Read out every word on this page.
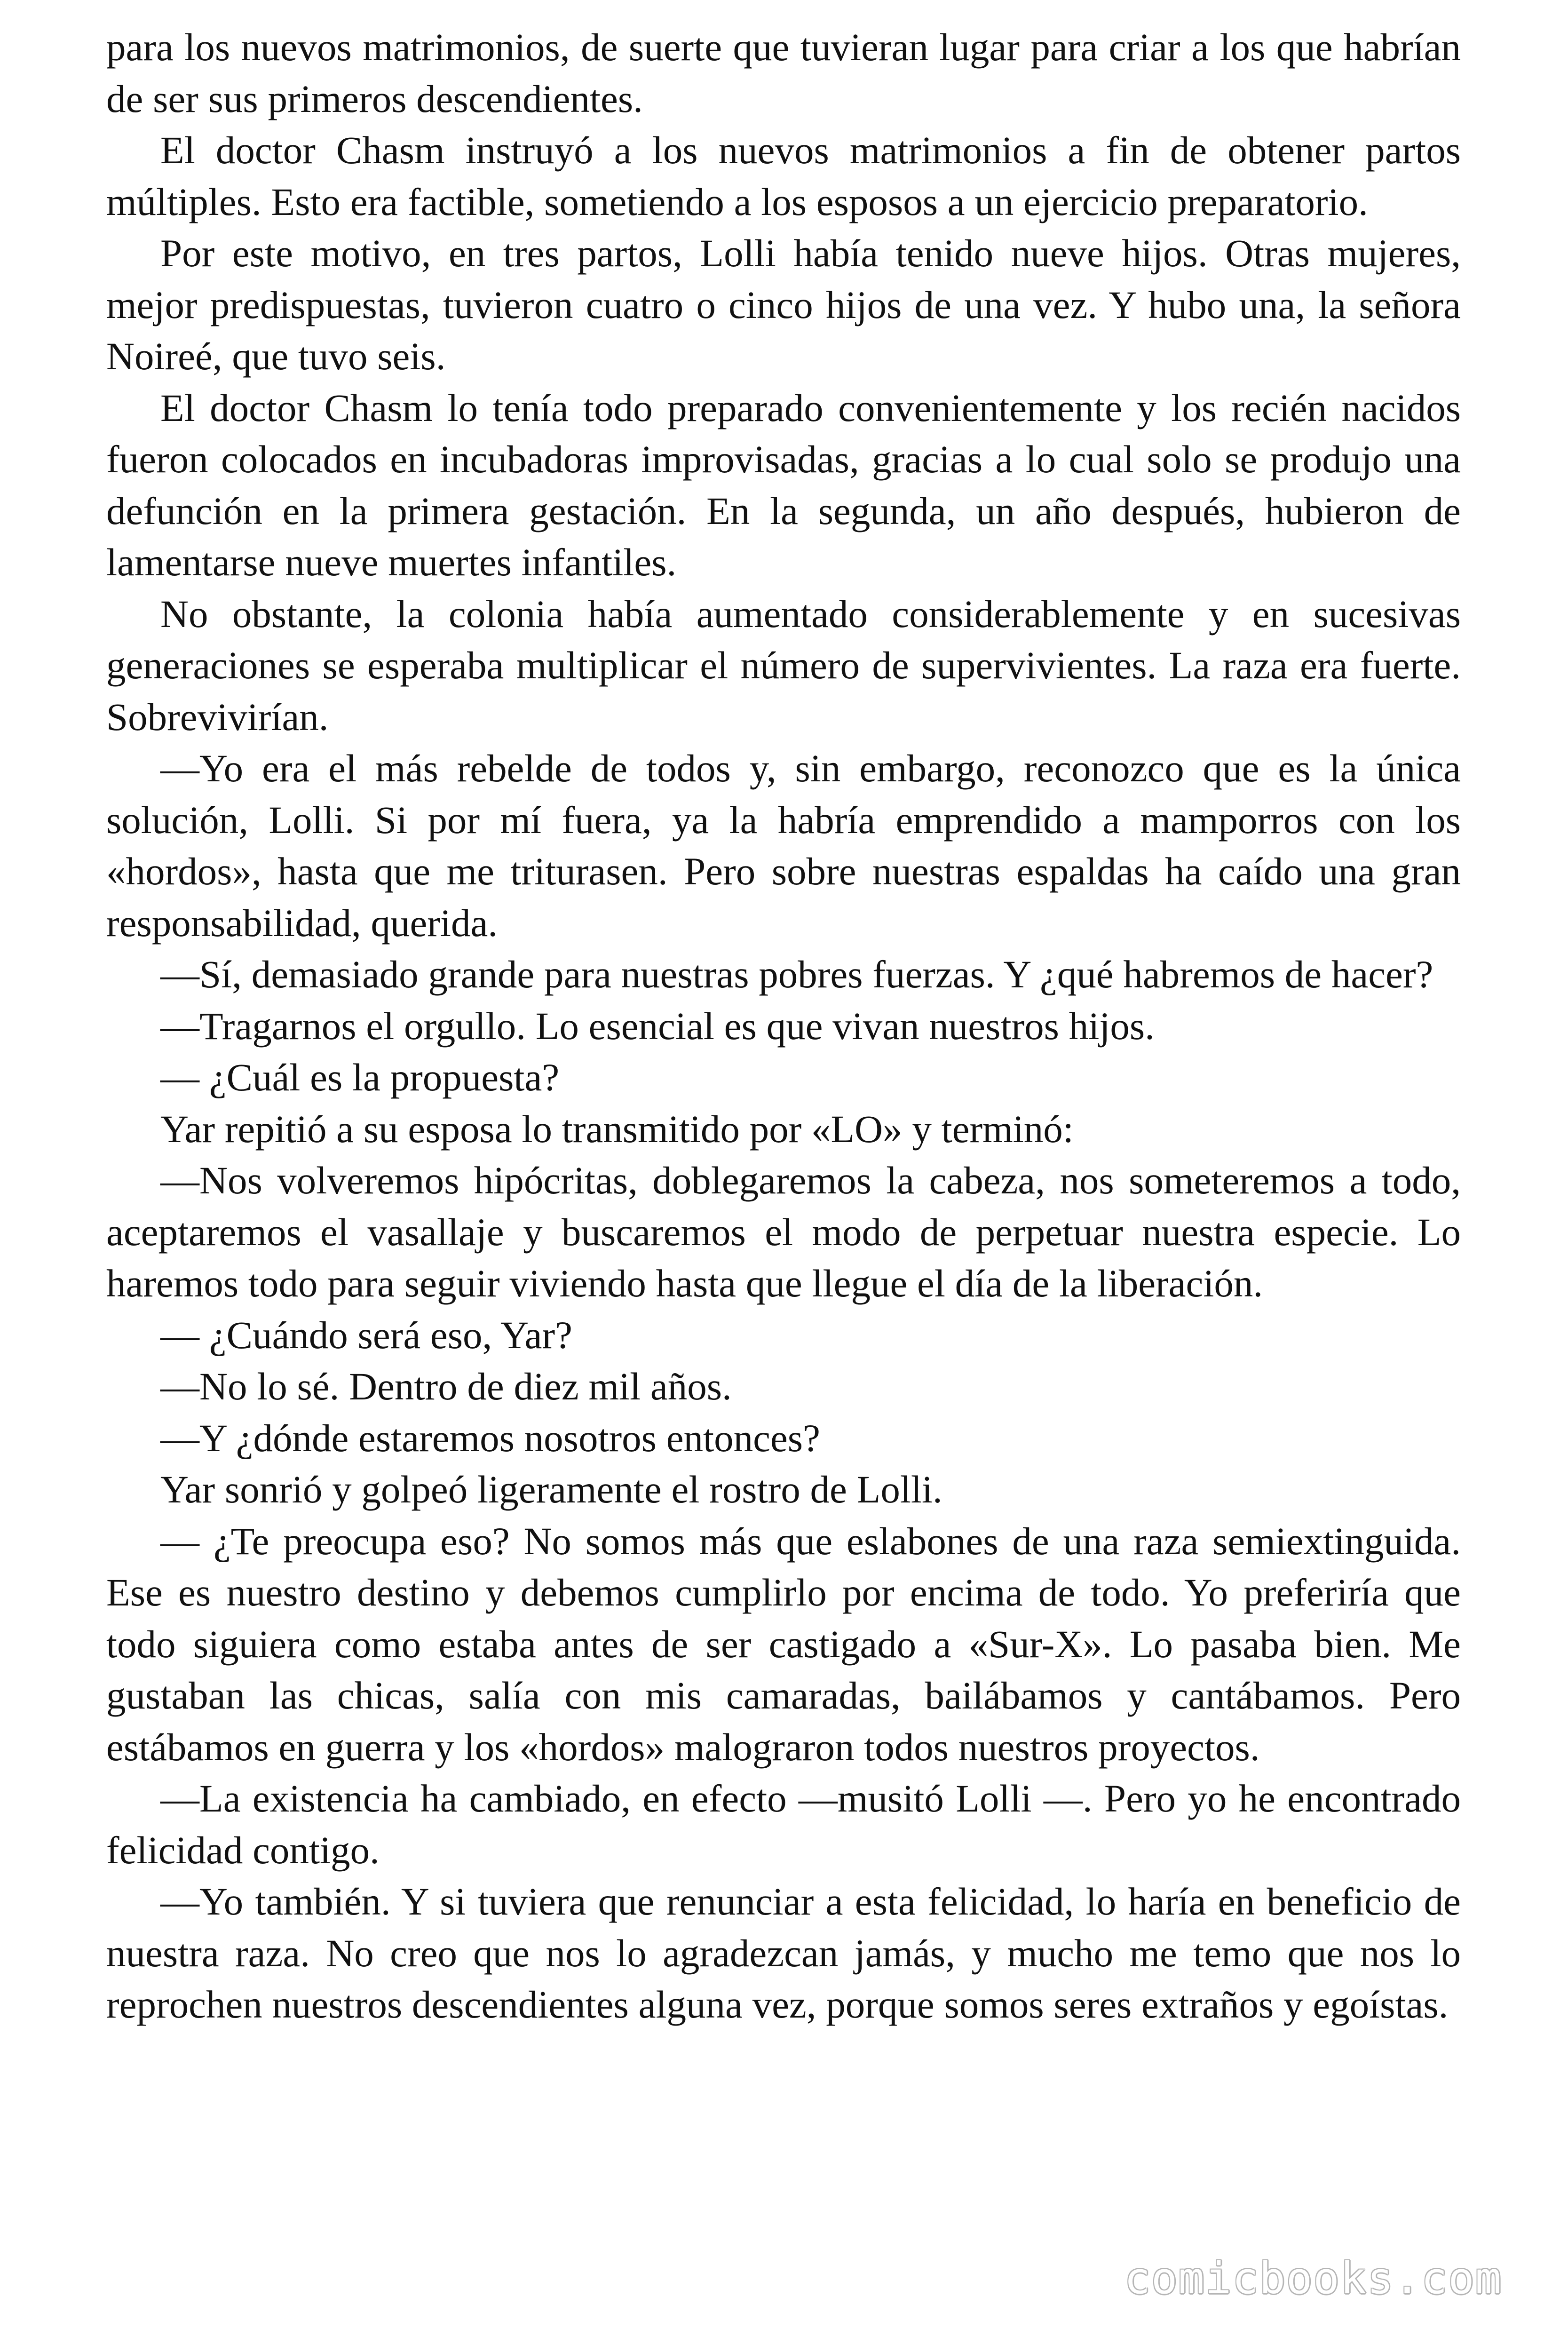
para los nuevos matrimonios, de suerte que tuvieran lugar para criar a los que habrían de ser sus primeros descendientes.

El doctor Chasm instruyó a los nuevos matrimonios a fin de obtener partos múltiples. Esto era factible, sometiendo a los esposos a un ejercicio preparatorio.

Por este motivo, en tres partos, Lolli había tenido nueve hijos. Otras mujeres, mejor predispuestas, tuvieron cuatro o cinco hijos de una vez. Y hubo una, la señora Noireé, que tuvo seis.

El doctor Chasm lo tenía todo preparado convenientemente y los recién nacidos fueron colocados en incubadoras improvisadas, gracias a lo cual solo se produjo una defunción en la primera gestación. En la segunda, un año después, hubieron de lamentarse nueve muertes infantiles.

No obstante, la colonia había aumentado considerablemente y en sucesivas generaciones se esperaba multiplicar el número de supervivientes. La raza era fuerte. Sobrevivirían.

—Yo era el más rebelde de todos y, sin embargo, reconozco que es la única solución, Lolli. Si por mí fuera, ya la habría emprendido a mamporros con los «hordos», hasta que me triturasen. Pero sobre nuestras espaldas ha caído una gran responsabilidad, querida.

—Sí, demasiado grande para nuestras pobres fuerzas. Y ¿qué habremos de hacer?

—Tragarnos el orgullo. Lo esencial es que vivan nuestros hijos.

— ¿Cuál es la propuesta?

Yar repitió a su esposa lo transmitido por «LO» y terminó:

—Nos volveremos hipócritas, doblegaremos la cabeza, nos someteremos a todo, aceptaremos el vasallaje y buscaremos el modo de perpetuar nuestra especie. Lo haremos todo para seguir viviendo hasta que llegue el día de la liberación.

— ¿Cuándo será eso, Yar?

—No lo sé. Dentro de diez mil años.

—Y ¿dónde estaremos nosotros entonces?

Yar sonrió y golpeó ligeramente el rostro de Lolli.

— ¿Te preocupa eso? No somos más que eslabones de una raza semiextinguida. Ese es nuestro destino y debemos cumplirlo por encima de todo. Yo preferiría que todo siguiera como estaba antes de ser castigado a «Sur-X». Lo pasaba bien. Me gustaban las chicas, salía con mis camaradas, bailábamos y cantábamos. Pero estábamos en guerra y los «hordos» malograron todos nuestros proyectos.

—La existencia ha cambiado, en efecto —musitó Lolli —. Pero yo he encontrado felicidad contigo.

—Yo también. Y si tuviera que renunciar a esta felicidad, lo haría en beneficio de nuestra raza. No creo que nos lo agradezcan jamás, y mucho me temo que nos lo reprochen nuestros descendientes alguna vez, porque somos seres extraños y egoístas.

comicbooks.com
